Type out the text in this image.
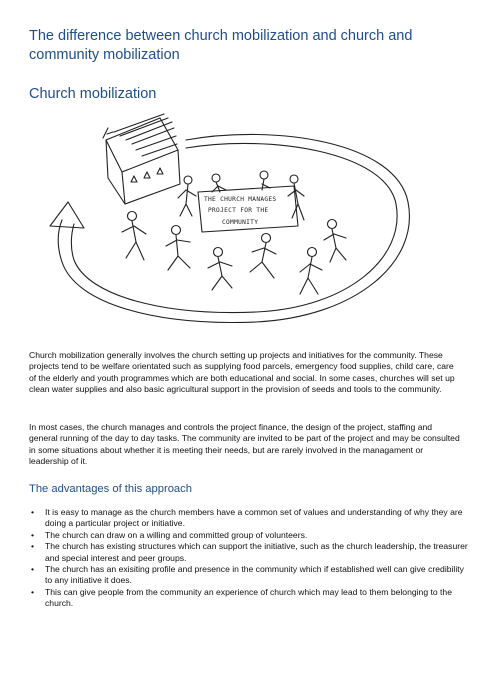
The difference between church mobilization and church and community mobilization
Church mobilization
THE CHURCH MANAGES
PROJECT FOR THE
COMMUNITY

Church mobilization generally involves the church setting up projects and initiatives for the community. These projects tend to be welfare orientated such as supplying food parcels, emergency food supplies, child care, care of the elderly and youth programmes which are both educational and social. In some cases, churches will set up clean water supplies and also basic agricultural support in the provision of seeds and tools to the community.

In most cases, the church manages and controls the project finance, the design of the project, staffing and general running of the day to day tasks. The community are invited to be part of the project and may be consulted in some situations about whether it is meeting their needs, but are rarely involved in the managament or leadership of it.

The advantages of this approach
• It is easy to manage as the church members have a common set of values and understanding of why they are doing a particular project or initiative.
• The church can draw on a willing and committed group of volunteers.
• The church has existing structures which can support the initiative, such as the church leadership, the treasurer and special interest and peer groups.
• The church has an exisiting profile and presence in the community which if established well can give credibility to any initiative it does.
• This can give people from the community an experience of church which may lead to them belonging to the church.
